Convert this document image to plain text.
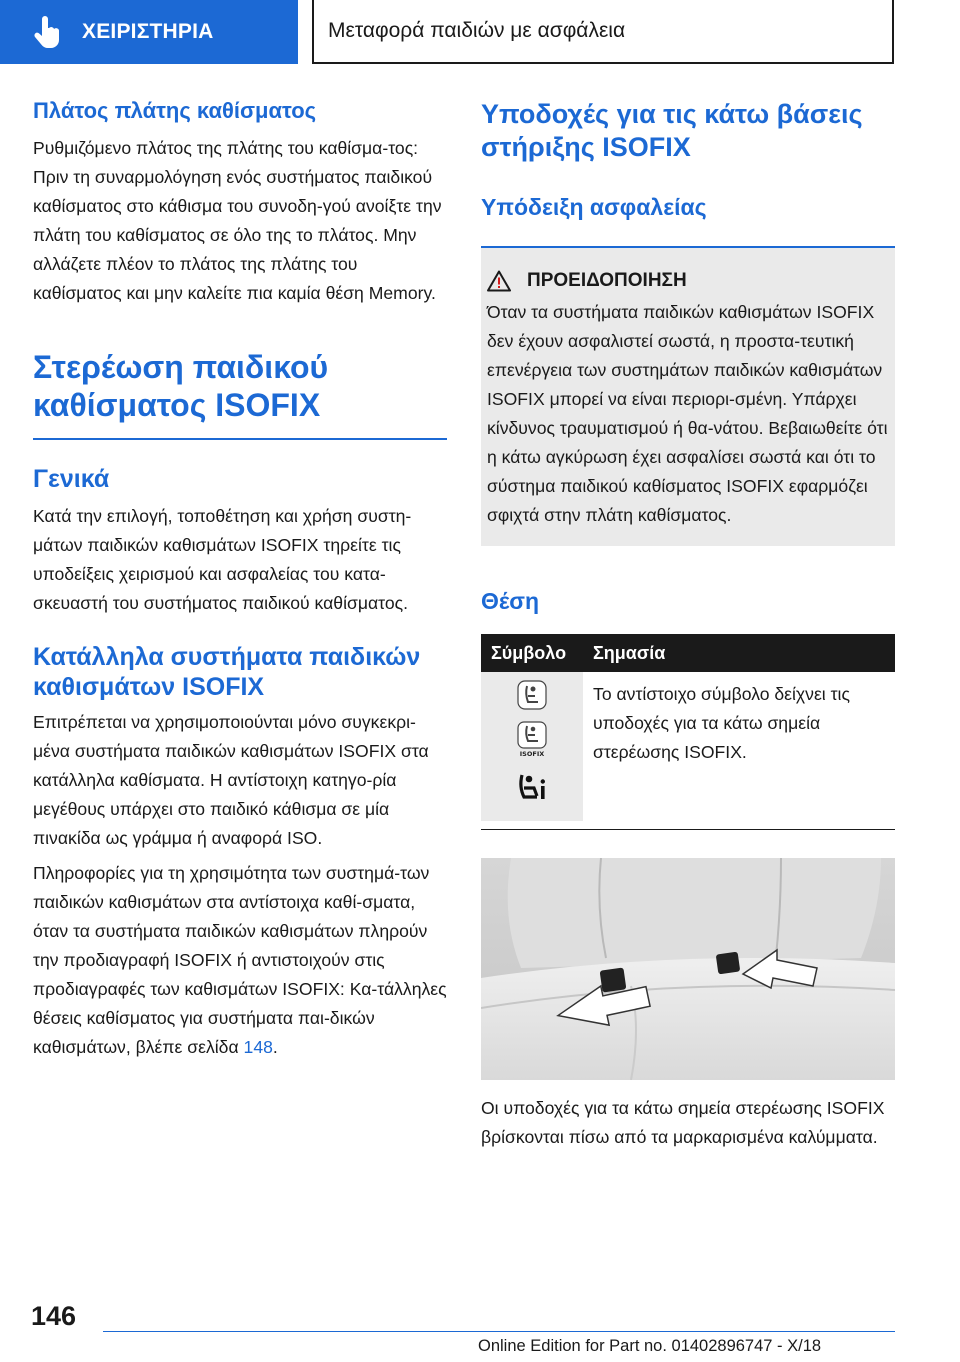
ΧΕΙΡΙΣΤΗΡΙΑ	Μεταφορά παιδιών με ασφάλεια
Πλάτος πλάτης καθίσματος

Ρυθμιζόμενο πλάτος της πλάτης του καθίσμα-τος: Πριν τη συναρμολόγηση ενός συστήματος παιδικού καθίσματος στο κάθισμα του συνοδη-γού ανοίξτε την πλάτη του καθίσματος σε όλο της το πλάτος. Μην αλλάζετε πλέον το πλάτος της πλάτης του καθίσματος και μην καλείτε πια καμία θέση Memory.

Στερέωση παιδικού καθίσματος ISOFIX
Γενικά

Κατά την επιλογή, τοποθέτηση και χρήση συστη-μάτων παιδικών καθισμάτων ISOFIX τηρείτε τις υποδείξεις χειρισμού και ασφαλείας του κατα-σκευαστή του συστήματος παιδικού καθίσματος.

Κατάλληλα συστήματα παιδικών καθισμάτων ISOFIX

Επιτρέπεται να χρησιμοποιούνται μόνο συγκεκρι-μένα συστήματα παιδικών καθισμάτων ISOFIX στα κατάλληλα καθίσματα. Η αντίστοιχη κατηγο-ρία μεγέθους υπάρχει στο παιδικό κάθισμα σε μία πινακίδα ως γράμμα ή αναφορά ISO.

Πληροφορίες για τη χρησιμότητα των συστημά-των παιδικών καθισμάτων στα αντίστοιχα καθί-σματα, όταν τα συστήματα παιδικών καθισμάτων πληρούν την προδιαγραφή ISOFIX ή αντιστοιχούν στις προδιαγραφές των καθισμάτων ISOFIX: Κα-τάλληλες θέσεις καθίσματος για συστήματα παι-δικών καθισμάτων, βλέπε σελίδα 148.

Υποδοχές για τις κάτω βάσεις στήριξης ISOFIX
Υπόδειξη ασφαλείας
ΠΡΟΕΙΔΟΠΟΙΗΣΗ

Όταν τα συστήματα παιδικών καθισμάτων ISOFIX δεν έχουν ασφαλιστεί σωστά, η προστα-τευτική επενέργεια των συστημάτων παιδικών καθισμάτων ISOFIX μπορεί να είναι περιορι-σμένη. Υπάρχει κίνδυνος τραυματισμού ή θα-νάτου. Βεβαιωθείτε ότι η κάτω αγκύρωση έχει ασφαλίσει σωστά και ότι το σύστημα παιδικού καθίσματος ISOFIX εφαρμόζει σφιχτά στην πλάτη καθίσματος.

Θέση
Σύμβολο	Σημασία

ISOFIX	Το αντίστοιχο σύμβολο δείχνει τις υποδοχές για τα κάτω σημεία στερέωσης ISOFIX.

Οι υποδοχές για τα κάτω σημεία στερέωσης ISOFIX βρίσκονται πίσω από τα μαρκαρισμένα καλύμματα.

146
Online Edition for Part no. 01402896747 - X/18
